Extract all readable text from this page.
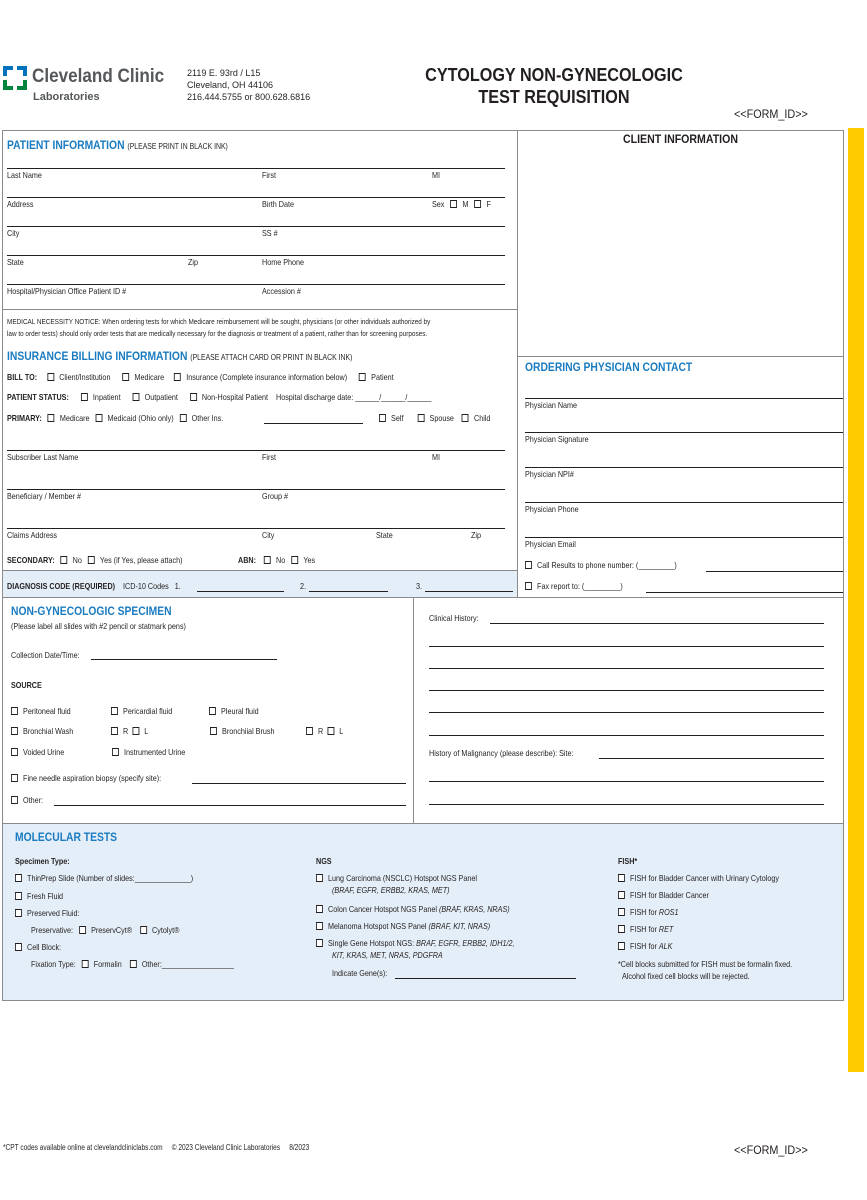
Cleveland Clinic
Laboratories
2119 E. 93rd / L15
Cleveland, OH 44106
216.444.5755 or 800.628.6816
CYTOLOGY NON-GYNECOLOGIC
TEST REQUISITION
<<FORM_ID>>
PATIENT INFORMATION (PLEASE PRINT IN BLACK INK)
Last Name	First	MI
Address	Birth Date	Sex M F
City	SS #
State	Zip	Home Phone
Hospital/Physician Office Patient ID #	Accession #
CLIENT INFORMATION
MEDICAL NECESSITY NOTICE: When ordering tests for which Medicare reimbursement will be sought, physicians (or other individuals authorized by
law to order tests) should only order tests that are medically necessary for the diagnosis or treatment of a patient, rather than for screening purposes.
INSURANCE BILLING INFORMATION (PLEASE ATTACH CARD OR PRINT IN BLACK INK)
BILL TO:	Client/Institution	Medicare	Insurance (Complete insurance information below)	Patient
PATIENT STATUS:	Inpatient	Outpatient	Non-Hospital Patient Hospital discharge date: ______/______/______
PRIMARY: Medicare Medicaid (Ohio only) Other Ins.	Self	Spouse Child
Subscriber Last Name	First	MI
Beneficiary / Member #	Group #
Claims Address	City	State	Zip
SECONDARY: No Yes (if Yes, please attach)	ABN: No Yes
DIAGNOSIS CODE (REQUIRED) ICD-10 Codes 1.	2.	3.
ORDERING PHYSICIAN CONTACT
Physician Name
Physician Signature
Physician NPI#
Physician Phone
Physician Email
Call Results to phone number: (_________)
Fax report to: (_________)
NON-GYNECOLOGIC SPECIMEN
(Please label all slides with #2 pencil or statmark pens)
Collection Date/Time:
SOURCE
Peritoneal fluid	Pericardial fluid	Pleural fluid
Bronchial Wash	R L	Bronchiial Brush	R L
Voided Urine	Instrumented Urine
Fine needle aspiration biopsy (specify site):
Other:
Clinical History:
History of Malignancy (please describe): Site:
MOLECULAR TESTS
Specimen Type:
ThinPrep Slide (Number of slides:______________)
Fresh Fluid
Preserved Fluid:
Preservative: PreservCyt® Cytolyt®
Cell Block:
Fixation Type: Formalin Other:__________________
NGS
Lung Carcinoma (NSCLC) Hotspot NGS Panel
(BRAF, EGFR, ERBB2, KRAS, MET)
Colon Cancer Hotspot NGS Panel (BRAF, KRAS, NRAS)
Melanoma Hotspot NGS Panel (BRAF, KIT, NRAS)
Single Gene Hotspot NGS: BRAF, EGFR, ERBB2, IDH1/2,
KIT, KRAS, MET, NRAS, PDGFRA
Indicate Gene(s):
FISH*
FISH for Bladder Cancer with Urinary Cytology
FISH for Bladder Cancer
FISH for ROS1
FISH for RET
FISH for ALK
*Cell blocks submitted for FISH must be formalin fixed.
Alcohol fixed cell blocks will be rejected.
*CPT codes available online at clevelandcliniclabs.com     © 2023 Cleveland Clinic Laboratories     8/2023	<<FORM_ID>>
